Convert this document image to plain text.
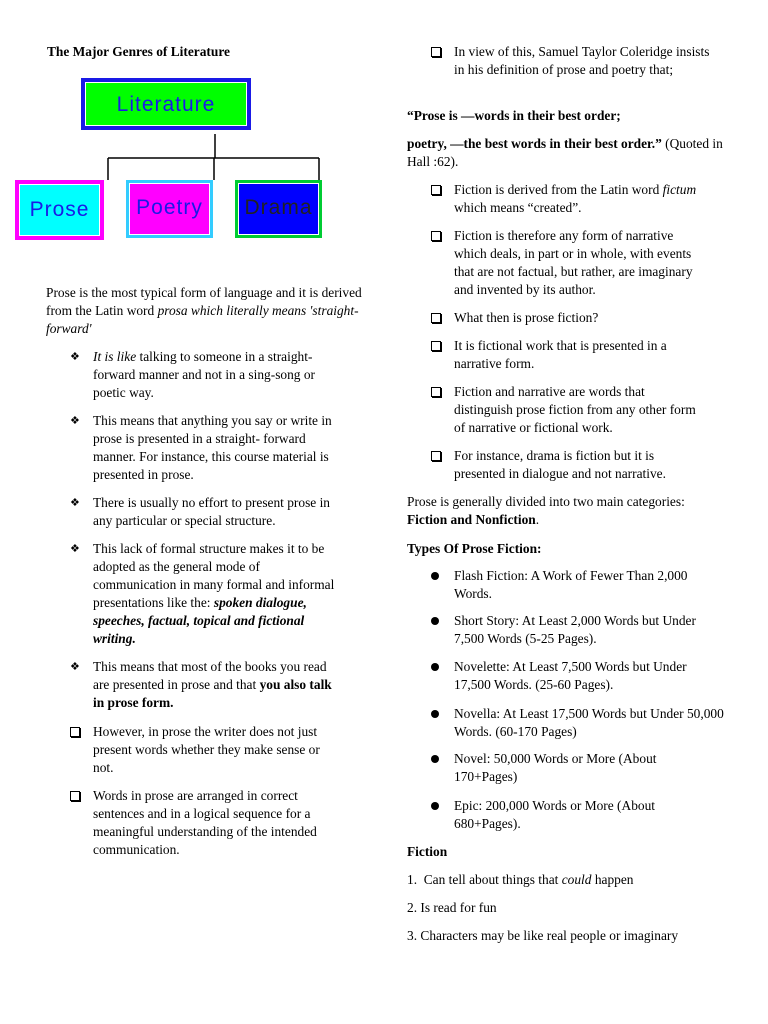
The Major Genres of Literature
Literature
Prose	Poetry	Drama
Prose is the most typical form of language and it is derived from the Latin word prosa which literally means 'straight-forward'
❖ It is like talking to someone in a straight-forward manner and not in a sing-song or poetic way.
❖ This means that anything you say or write in prose is presented in a straight- forward manner. For instance, this course material is presented in prose.
❖ There is usually no effort to present prose in any particular or special structure.
❖ This lack of formal structure makes it to be adopted as the general mode of communication in many formal and informal presentations like the: spoken dialogue, speeches, factual, topical and fictional writing.
❖ This means that most of the books you read are presented in prose and that you also talk in prose form.
However, in prose the writer does not just present words whether they make sense or not.
Words in prose are arranged in correct sentences and in a logical sequence for a meaningful understanding of the intended communication.
In view of this, Samuel Taylor Coleridge insists in his definition of prose and poetry that;
“Prose is —words in their best order;
poetry, —the best words in their best order.” (Quoted in Hall :62).
Fiction is derived from the Latin word fictum which means “created”.
Fiction is therefore any form of narrative which deals, in part or in whole, with events that are not factual, but rather, are imaginary and invented by its author.
What then is prose fiction?
It is fictional work that is presented in a narrative form.
Fiction and narrative are words that distinguish prose fiction from any other form of narrative or fictional work.
For instance, drama is fiction but it is presented in dialogue and not narrative.
Prose is generally divided into two main categories: Fiction and Nonfiction.
Types Of Prose Fiction:
Flash Fiction: A Work of Fewer Than 2,000 Words.
Short Story: At Least 2,000 Words but Under 7,500 Words (5-25 Pages).
Novelette: At Least 7,500 Words but Under 17,500 Words. (25-60 Pages).
Novella: At Least 17,500 Words but Under 50,000 Words. (60-170 Pages)
Novel: 50,000 Words or More (About 170+Pages)
Epic: 200,000 Words or More (About 680+Pages).
Fiction
1.  Can tell about things that could happen
2. Is read for fun
3. Characters may be like real people or imaginary
